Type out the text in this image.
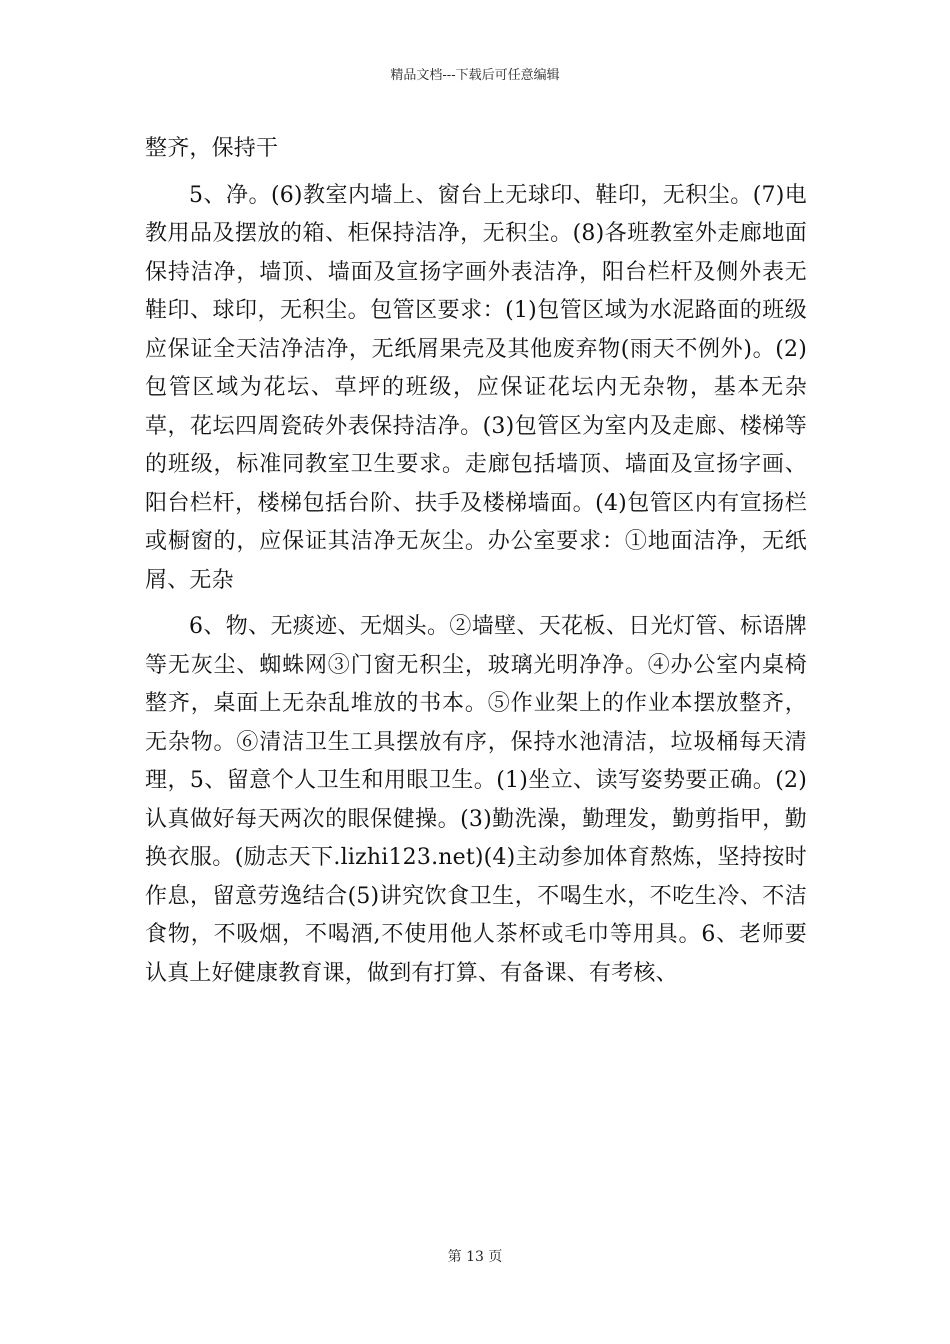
精品文档---下载后可任意编辑

整齐，保持干

5、净。(6)教室内墙上、窗台上无球印、鞋印，无积尘。(7)电教用品及摆放的箱、柜保持洁净，无积尘。(8)各班教室外走廊地面保持洁净，墙顶、墙面及宣扬字画外表洁净，阳台栏杆及侧外表无鞋印、球印，无积尘。包管区要求：(1)包管区域为水泥路面的班级应保证全天洁净洁净，无纸屑果壳及其他废弃物(雨天不例外)。(2)包管区域为花坛、草坪的班级，应保证花坛内无杂物，基本无杂草，花坛四周瓷砖外表保持洁净。(3)包管区为室内及走廊、楼梯等的班级，标准同教室卫生要求。走廊包括墙顶、墙面及宣扬字画、阳台栏杆，楼梯包括台阶、扶手及楼梯墙面。(4)包管区内有宣扬栏或橱窗的，应保证其洁净无灰尘。办公室要求：①地面洁净，无纸屑、无杂

6、物、无痰迹、无烟头。②墙壁、天花板、日光灯管、标语牌等无灰尘、蜘蛛网③门窗无积尘，玻璃光明净净。④办公室内桌椅整齐，桌面上无杂乱堆放的书本。⑤作业架上的作业本摆放整齐，无杂物。⑥清洁卫生工具摆放有序，保持水池清洁，垃圾桶每天清理，5、留意个人卫生和用眼卫生。(1)坐立、读写姿势要正确。(2)认真做好每天两次的眼保健操。(3)勤洗澡，勤理发，勤剪指甲，勤换衣服。(励志天下.lizhi123.net)(4)主动参加体育熬炼，坚持按时作息，留意劳逸结合(5)讲究饮食卫生，不喝生水，不吃生冷、不洁食物，不吸烟，不喝酒,不使用他人茶杯或毛巾等用具。6、老师要认真上好健康教育课，做到有打算、有备课、有考核、

第 13 页
